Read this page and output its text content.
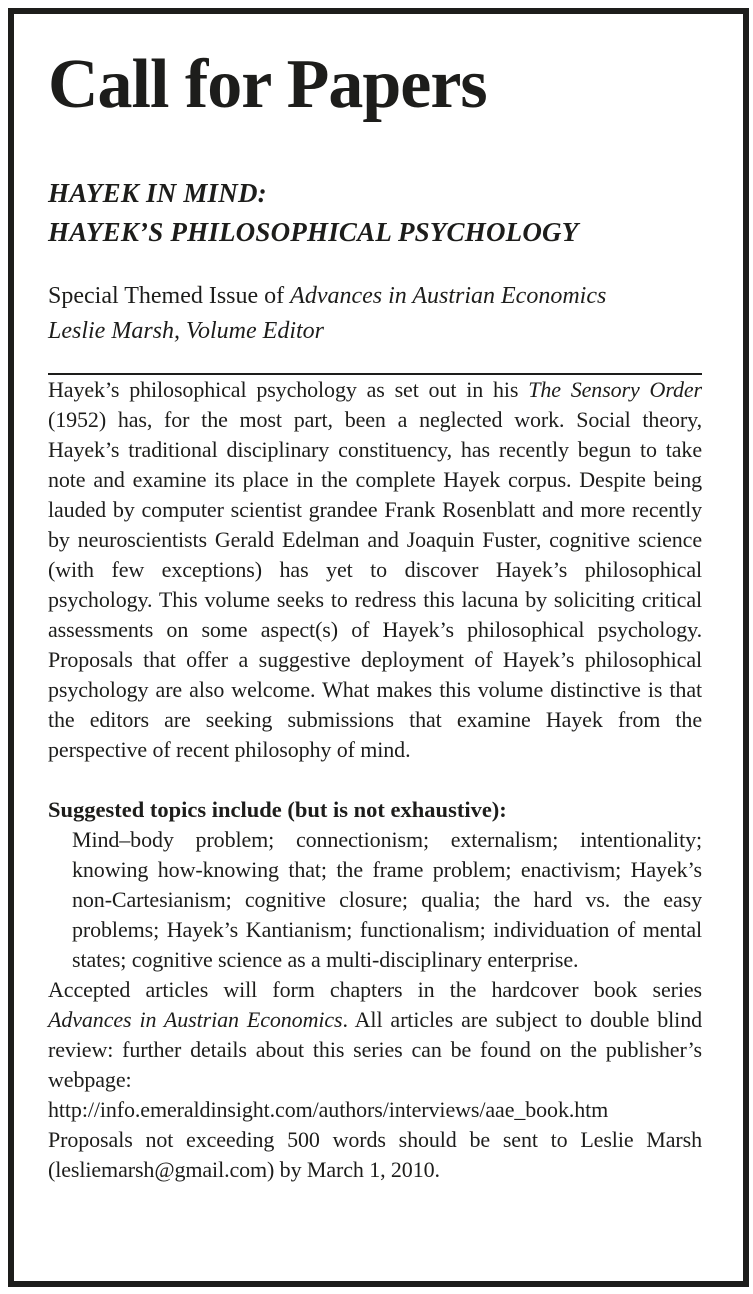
Call for Papers
HAYEK IN MIND:
HAYEK’S PHILOSOPHICAL PSYCHOLOGY
Special Themed Issue of Advances in Austrian Economics
Leslie Marsh, Volume Editor

Hayek’s philosophical psychology as set out in his The Sensory Order (1952) has, for the most part, been a neglected work. Social theory, Hayek’s traditional disciplinary constituency, has recently begun to take note and examine its place in the complete Hayek corpus. Despite being lauded by computer scientist grandee Frank Rosenblatt and more recently by neuroscientists Gerald Edelman and Joaquin Fuster, cognitive science (with few exceptions) has yet to discover Hayek’s philosophical psychology. This volume seeks to redress this lacuna by soliciting critical assessments on some aspect(s) of Hayek’s philosophical psychology. Proposals that offer a suggestive deployment of Hayek’s philosophical psychology are also welcome. What makes this volume distinctive is that the editors are seeking submissions that examine Hayek from the perspective of recent philosophy of mind.

Suggested topics include (but is not exhaustive):

Mind–body problem; connectionism; externalism; intentionality; knowing how-knowing that; the frame problem; enactivism; Hayek’s non-Cartesianism; cognitive closure; qualia; the hard vs. the easy problems; Hayek’s Kantianism; functionalism; individuation of mental states; cognitive science as a multi-disciplinary enterprise.

Accepted articles will form chapters in the hardcover book series Advances in Austrian Economics. All articles are subject to double blind review: further details about this series can be found on the publisher’s webpage:

http://info.emeraldinsight.com/authors/interviews/aae_book.htm

Proposals not exceeding 500 words should be sent to Leslie Marsh (lesliemarsh@gmail.com) by March 1, 2010.
